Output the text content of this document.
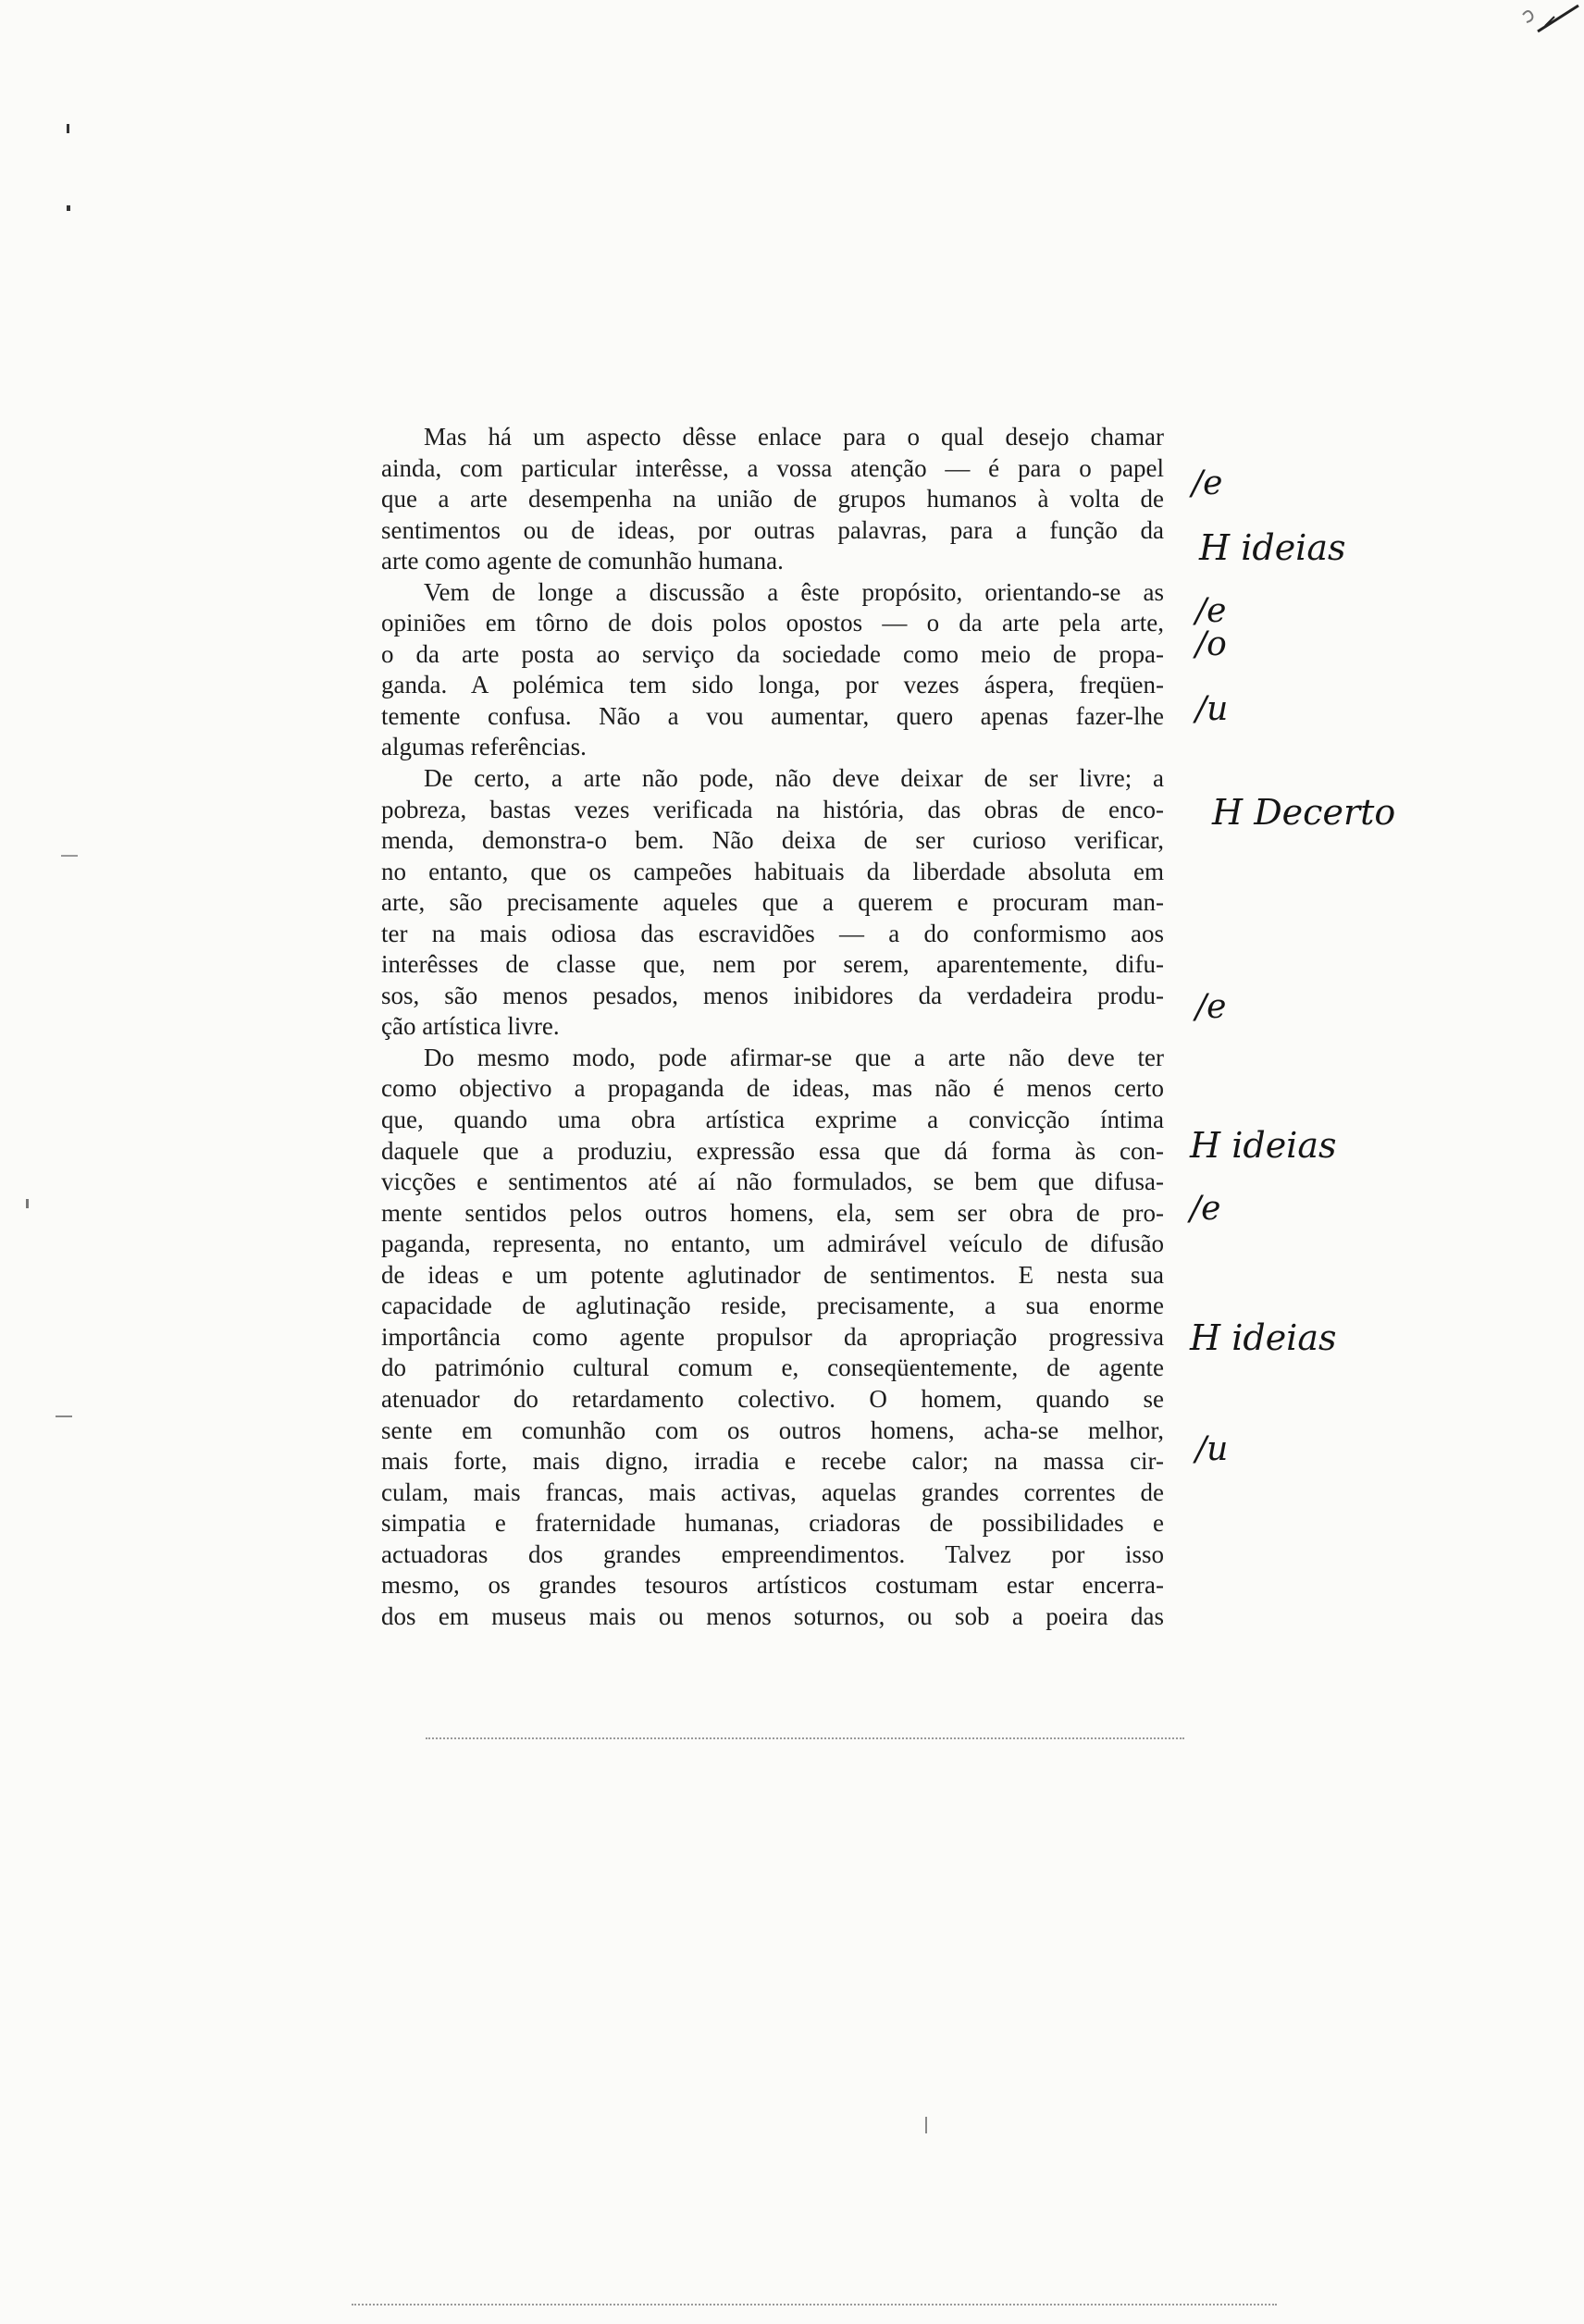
Mas há um aspecto dêsse enlace para o qual desejo chamar
ainda, com particular interêsse, a vossa atenção — é para o papel
que a arte desempenha na união de grupos humanos à volta de
sentimentos ou de ideas, por outras palavras, para a função da
arte como agente de comunhão humana.
Vem de longe a discussão a êste propósito, orientando-se as
opiniões em tôrno de dois polos opostos — o da arte pela arte,
o da arte posta ao serviço da sociedade como meio de propa-
ganda. A polémica tem sido longa, por vezes áspera, freqüen-
temente confusa. Não a vou aumentar, quero apenas fazer-lhe
algumas referências.
De certo, a arte não pode, não deve deixar de ser livre; a
pobreza, bastas vezes verificada na história, das obras de enco-
menda, demonstra-o bem. Não deixa de ser curioso verificar,
no entanto, que os campeões habituais da liberdade absoluta em
arte, são precisamente aqueles que a querem e procuram man-
ter na mais odiosa das escravidões — a do conformismo aos
interêsses de classe que, nem por serem, aparentemente, difu-
sos, são menos pesados, menos inibidores da verdadeira produ-
ção artística livre.
Do mesmo modo, pode afirmar-se que a arte não deve ter
como objectivo a propaganda de ideas, mas não é menos certo
que, quando uma obra artística exprime a convicção íntima
daquele que a produziu, expressão essa que dá forma às con-
vicções e sentimentos até aí não formulados, se bem que difusa-
mente sentidos pelos outros homens, ela, sem ser obra de pro-
paganda, representa, no entanto, um admirável veículo de difusão
de ideas e um potente aglutinador de sentimentos. E nesta sua
capacidade de aglutinação reside, precisamente, a sua enorme
importância como agente propulsor da apropriação progressiva
do património cultural comum e, conseqüentemente, de agente
atenuador do retardamento colectivo. O homem, quando se
sente em comunhão com os outros homens, acha-se melhor,
mais forte, mais digno, irradia e recebe calor; na massa cir-
culam, mais francas, mais activas, aquelas grandes correntes de
simpatia e fraternidade humanas, criadoras de possibilidades e
actuadoras dos grandes empreendimentos. Talvez por isso
mesmo, os grandes tesouros artísticos costumam estar encerra-
dos em museus mais ou menos soturnos, ou sob a poeira das
/e
H ideias
/e
/o
/u
H Decerto
/e
H ideias
/e
H ideias
/u
